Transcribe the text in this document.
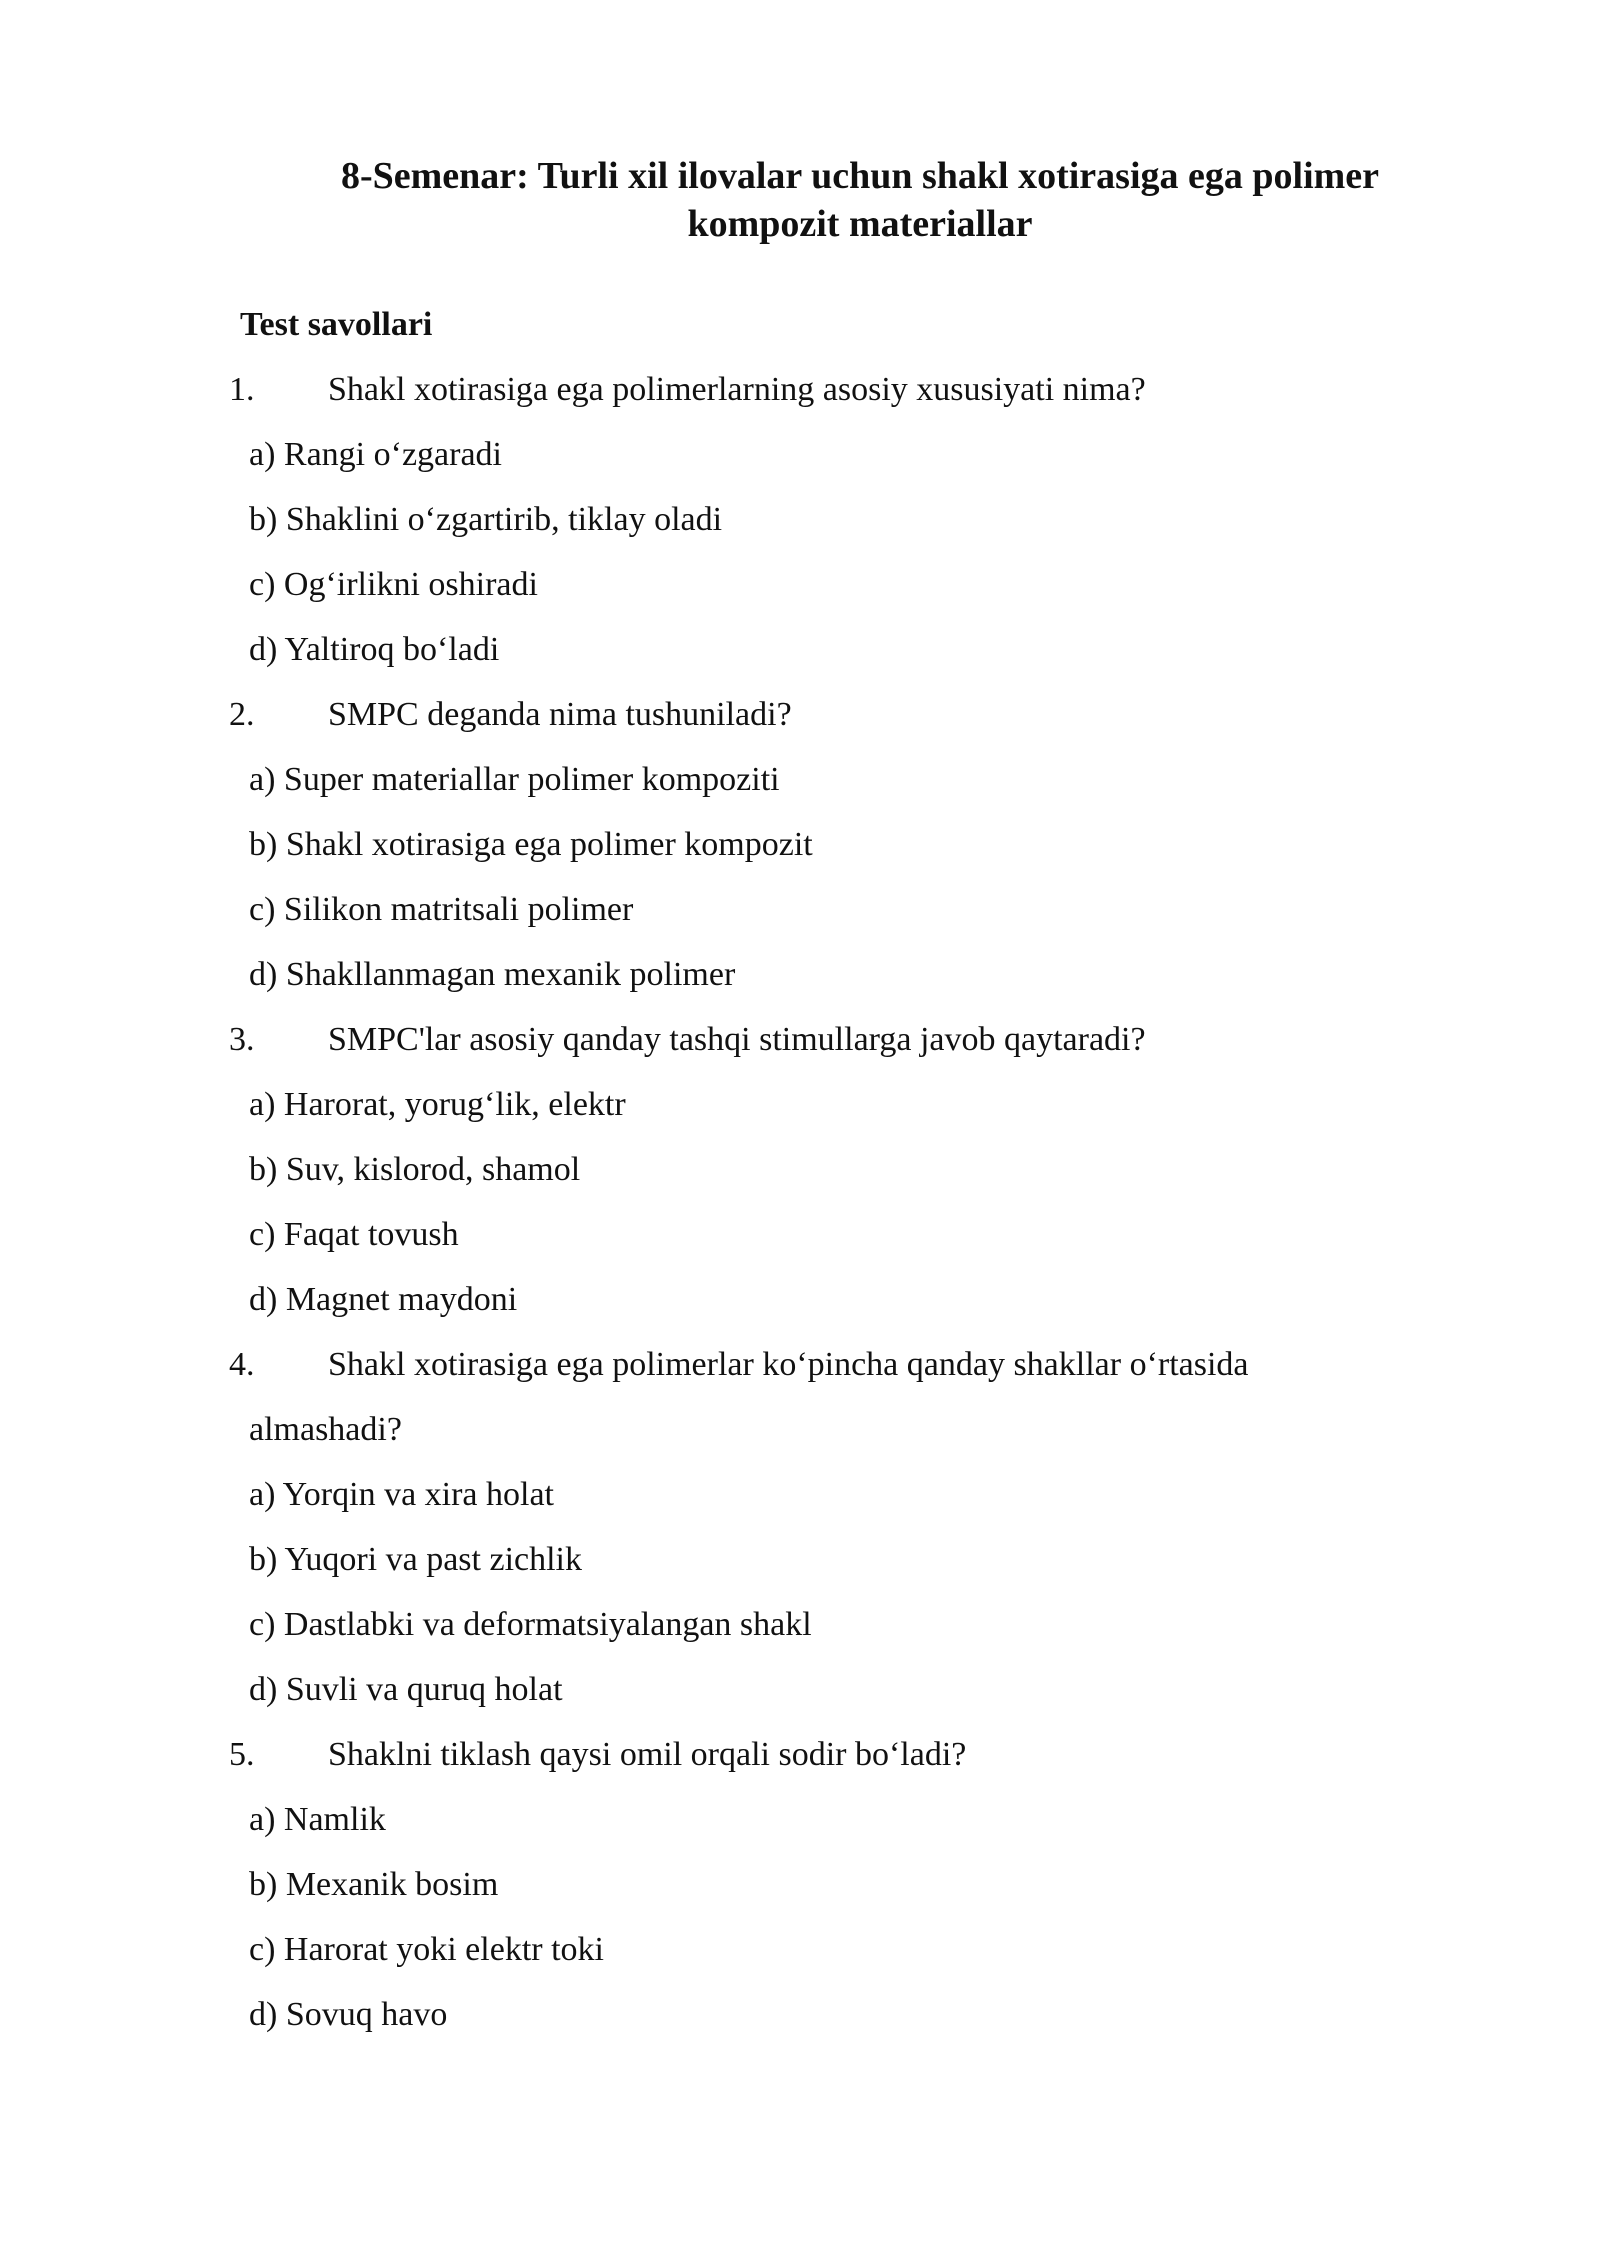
8-Semenar: Turli xil ilovalar uchun shakl xotirasiga ega polimer
kompozit materiallar
Test savollari
1. Shakl xotirasiga ega polimerlarning asosiy xususiyati nima?
a) Rangi o‘zgaradi
b) Shaklini o‘zgartirib, tiklay oladi
c) Og‘irlikni oshiradi
d) Yaltiroq bo‘ladi
2. SMPC deganda nima tushuniladi?
a) Super materiallar polimer kompoziti
b) Shakl xotirasiga ega polimer kompozit
c) Silikon matritsali polimer
d) Shakllanmagan mexanik polimer
3. SMPC'lar asosiy qanday tashqi stimullarga javob qaytaradi?
a) Harorat, yorug‘lik, elektr
b) Suv, kislorod, shamol
c) Faqat tovush
d) Magnet maydoni
4. Shakl xotirasiga ega polimerlar ko‘pincha qanday shakllar o‘rtasida
almashadi?
a) Yorqin va xira holat
b) Yuqori va past zichlik
c) Dastlabki va deformatsiyalangan shakl
d) Suvli va quruq holat
5. Shaklni tiklash qaysi omil orqali sodir bo‘ladi?
a) Namlik
b) Mexanik bosim
c) Harorat yoki elektr toki
d) Sovuq havo
